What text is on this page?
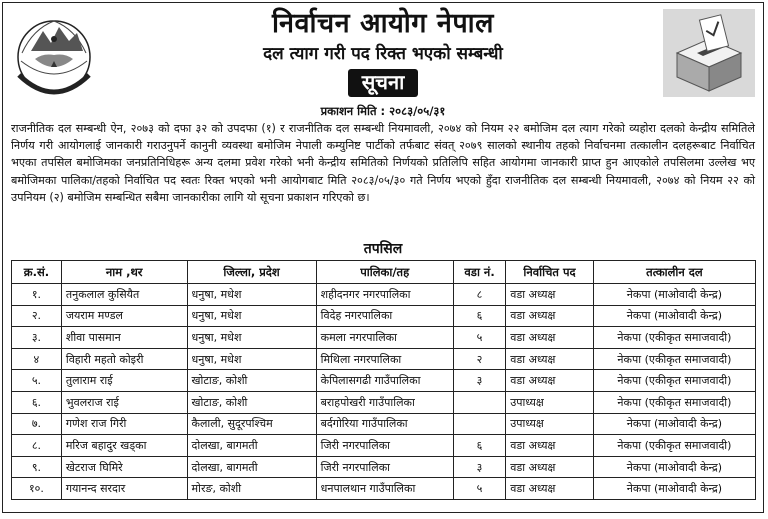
निर्वाचन आयोग नेपाल
दल त्याग गरी पद रिक्त भएको सम्बन्धी
सूचना
प्रकाशन मिति : २०८३/०५/३१

राजनीतिक दल सम्बन्धी ऐन, २०७३ को दफा ३२ को उपदफा (१) र राजनीतिक दल सम्बन्धी नियमावली, २०७४ को नियम २२ बमोजिम दल त्याग गरेको व्यहोरा दलको केन्द्रीय समितिले निर्णय गरी आयोगलाई जानकारी गराउनुपर्ने कानुनी व्यवस्था बमोजिम नेपाली कम्युनिष्ट पार्टीको तर्फबाट संवत् २०७९ सालको स्थानीय तहको निर्वाचनमा तत्कालीन दलहरूबाट निर्वाचित भएका तपसिल बमोजिमका जनप्रतिनिधिहरू अन्य दलमा प्रवेश गरेको भनी केन्द्रीय समितिको निर्णयको प्रतिलिपि सहित आयोगमा जानकारी प्राप्त हुन आएकोले तपसिलमा उल्लेख भए बमोजिमका पालिका/तहको निर्वाचित पद स्वतः रिक्त भएको भनी आयोगबाट मिति २०८३/०५/३० गते निर्णय भएको हुँदा राजनीतिक दल सम्बन्धी नियमावली, २०७४ को नियम २२ को उपनियम (२) बमोजिम सम्बन्धित सबैमा जानकारीका लागि यो सूचना प्रकाशन गरिएको छ।

तपसिल
क्र.सं.	नाम ,थर	जिल्ला, प्रदेश	पालिका/तह	वडा नं.	निर्वाचित पद	तत्कालीन दल
१.	तनुकलाल कुसियैत	धनुषा, मधेश	शहीदनगर नगरपालिका	८	वडा अध्यक्ष	नेकपा (माओवादी केन्द्र)
२.	जयराम मण्डल	धनुषा, मधेश	विदेह नगरपालिका	६	वडा अध्यक्ष	नेकपा (माओवादी केन्द्र)
३.	शीवा पासमान	धनुषा, मधेश	कमला नगरपालिका	५	वडा अध्यक्ष	नेकपा (एकीकृत समाजवादी)
४	विहारी महतो कोइरी	धनुषा, मधेश	मिथिला नगरपालिका	२	वडा अध्यक्ष	नेकपा (एकीकृत समाजवादी)
५.	तुलाराम राई	खोटाङ, कोशी	केपिलासगढी गाउँपालिका	३	वडा अध्यक्ष	नेकपा (एकीकृत समाजवादी)
६.	भुवलराज राई	खोटाङ, कोशी	बराहपोखरी गाउँपालिका		उपाध्यक्ष	नेकपा (एकीकृत समाजवादी)
७.	गणेश राज गिरी	कैलाली, सुदूरपश्चिम	बर्दगोरिया गाउँपालिका		उपाध्यक्ष	नेकपा (माओवादी केन्द्र)
८.	मरिज बहादुर खड्का	दोलखा, बागमती	जिरी नगरपालिका	६	वडा अध्यक्ष	नेकपा (एकीकृत समाजवादी)
९.	खेटराज घिमिरे	दोलखा, बागमती	जिरी नगरपालिका	३	वडा अध्यक्ष	नेकपा (माओवादी केन्द्र)
१०.	गयानन्द सरदार	मोरङ, कोशी	धनपालथान गाउँपालिका	५	वडा अध्यक्ष	नेकपा (माओवादी केन्द्र)
